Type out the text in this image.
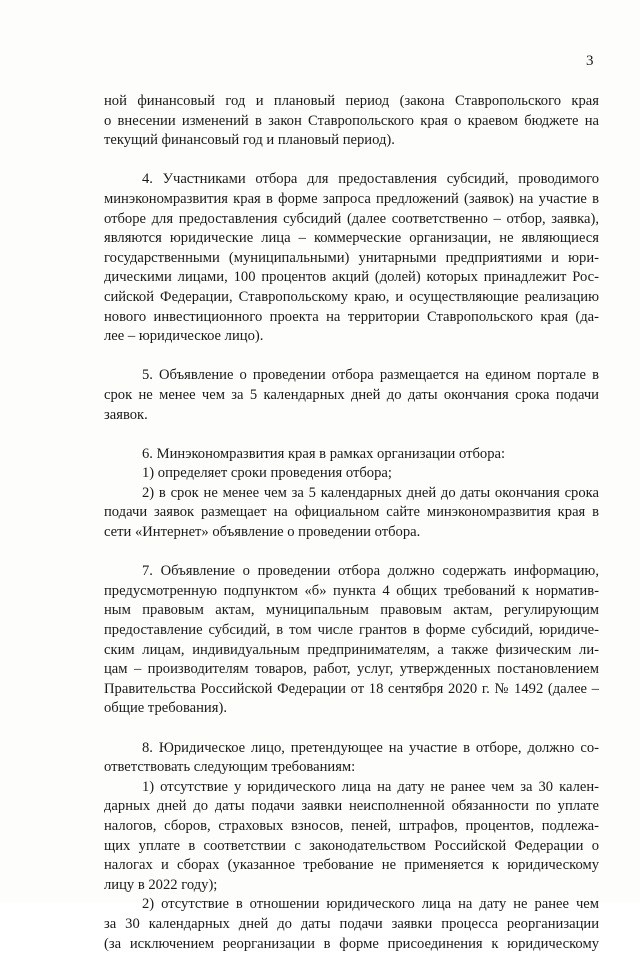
3
ной финансовый год и плановый период (закона Ставропольского края
о внесении изменений в закон Ставропольского края о краевом бюджете на
текущий финансовый год и плановый период).
4. Участниками отбора для предоставления субсидий, проводимого
минэкономразвития края в форме запроса предложений (заявок) на участие в
отборе для предоставления субсидий (далее соответственно – отбор, заявка),
являются юридические лица – коммерческие организации, не являющиеся
государственными (муниципальными) унитарными предприятиями и юри-
дическими лицами, 100 процентов акций (долей) которых принадлежит Рос-
сийской Федерации, Ставропольскому краю, и осуществляющие реализацию
нового инвестиционного проекта на территории Ставропольского края (да-
лее – юридическое лицо).
5. Объявление о проведении отбора размещается на едином портале в
срок не менее чем за 5 календарных дней до даты окончания срока подачи
заявок.
6. Минэкономразвития края в рамках организации отбора:
1) определяет сроки проведения отбора;
2) в срок не менее чем за 5 календарных дней до даты окончания срока
подачи заявок размещает на официальном сайте минэкономразвития края в
сети «Интернет» объявление о проведении отбора.
7. Объявление о проведении отбора должно содержать информацию,
предусмотренную подпунктом «б» пункта 4 общих требований к норматив-
ным правовым актам, муниципальным правовым актам, регулирующим
предоставление субсидий, в том числе грантов в форме субсидий, юридиче-
ским лицам, индивидуальным предпринимателям, а также физическим ли-
цам – производителям товаров, работ, услуг, утвержденных постановлением
Правительства Российской Федерации от 18 сентября 2020 г. № 1492 (далее –
общие требования).
8. Юридическое лицо, претендующее на участие в отборе, должно со-
ответствовать следующим требованиям:
1) отсутствие у юридического лица на дату не ранее чем за 30 кален-
дарных дней до даты подачи заявки неисполненной обязанности по уплате
налогов, сборов, страховых взносов, пеней, штрафов, процентов, подлежа-
щих уплате в соответствии с законодательством Российской Федерации о
налогах и сборах (указанное требование не применяется к юридическому
лицу в 2022 году);
2) отсутствие в отношении юридического лица на дату не ранее чем
за 30 календарных дней до даты подачи заявки процесса реорганизации
(за исключением реорганизации в форме присоединения к юридическому
